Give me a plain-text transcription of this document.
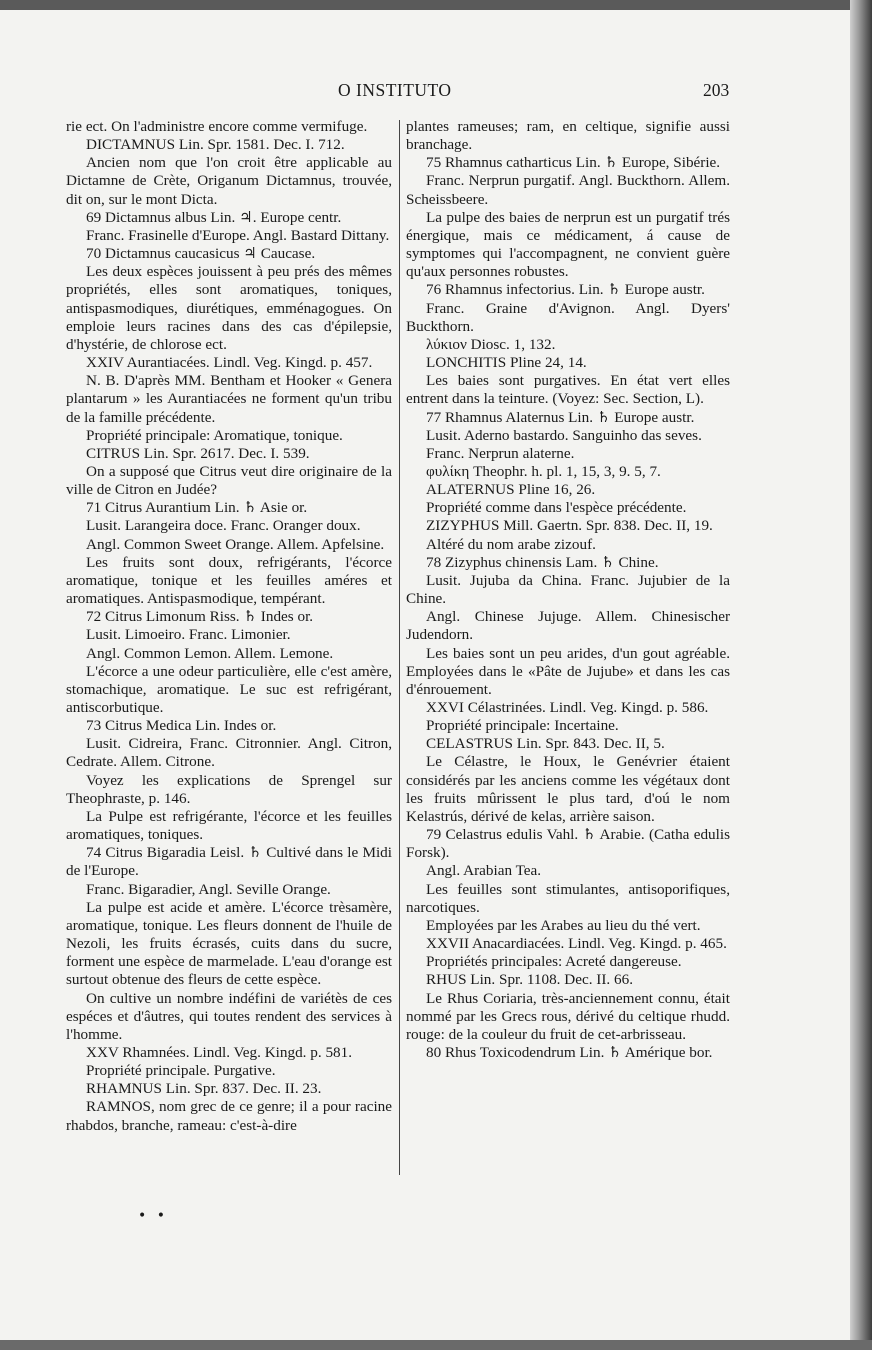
O INSTITUTO	203

rie ect. On l'administre encore comme vermifuge.

DICTAMNUS Lin. Spr. 1581. Dec. I. 712.

Ancien nom que l'on croit être applicable au Dictamne de Crète, Origanum Dictamnus, trouvée, dit on, sur le mont Dicta.

69 Dictamnus albus Lin. ♃. Europe centr.

Franc. Frasinelle d'Europe. Angl. Bastard Dittany.

70 Dictamnus caucasicus ♃ Caucase.

Les deux espèces jouissent à peu prés des mêmes propriétés, elles sont aromatiques, toniques, antispasmodiques, diurétiques, emménagogues. On emploie leurs racines dans des cas d'épilepsie, d'hystérie, de chlorose ect.

XXIV Aurantiacées. Lindl. Veg. Kingd. p. 457.

N. B. D'après MM. Bentham et Hooker « Genera plantarum » les Aurantiacées ne forment qu'un tribu de la famille précédente.

Propriété principale: Aromatique, tonique.

CITRUS Lin. Spr. 2617. Dec. I. 539.

On a supposé que Citrus veut dire originaire de la ville de Citron en Judée?

71 Citrus Aurantium Lin. ♄ Asie or.

Lusit. Larangeira doce. Franc. Oranger doux.

Angl. Common Sweet Orange. Allem. Apfelsine.

Les fruits sont doux, refrigérants, l'écorce aromatique, tonique et les feuilles améres et aromatiques. Antispasmodique, tempérant.

72 Citrus Limonum Riss. ♄ Indes or.

Lusit. Limoeiro. Franc. Limonier.

Angl. Common Lemon. Allem. Lemone.

L'écorce a une odeur particulière, elle c'est amère, stomachique, aromatique. Le suc est refrigérant, antiscorbutique.

73 Citrus Medica Lin. Indes or.

Lusit. Cidreira, Franc. Citronnier. Angl. Citron, Cedrate. Allem. Citrone.

Voyez les explications de Sprengel sur Theophraste, p. 146.

La Pulpe est refrigérante, l'écorce et les feuilles aromatiques, toniques.

74 Citrus Bigaradia Leisl. ♄ Cultivé dans le Midi de l'Europe.

Franc. Bigaradier, Angl. Seville Orange.

La pulpe est acide et amère. L'écorce trèsamère, aromatique, tonique. Les fleurs donnent de l'huile de Nezoli, les fruits écrasés, cuits dans du sucre, forment une espèce de marmelade. L'eau d'orange est surtout obtenue des fleurs de cette espèce.

On cultive un nombre indéfini de variétès de ces espéces et d'âutres, qui toutes rendent des services à l'homme.

XXV Rhamnées. Lindl. Veg. Kingd. p. 581.

Propriété principale. Purgative.

RHAMNUS Lin. Spr. 837. Dec. II. 23.

RAMNOS, nom grec de ce genre; il a pour racine rhabdos, branche, rameau: c'est-à-dire

plantes rameuses; ram, en celtique, signifie aussi branchage.

75 Rhamnus catharticus Lin. ♄ Europe, Sibérie.

Franc. Nerprun purgatif. Angl. Buckthorn. Allem. Scheissbeere.

La pulpe des baies de nerprun est un purgatif trés énergique, mais ce médicament, á cause de symptomes qui l'accompagnent, ne convient guère qu'aux personnes robustes.

76 Rhamnus infectorius. Lin. ♄ Europe austr.

Franc. Graine d'Avignon. Angl. Dyers' Buckthorn.

λύκιον Diosc. 1, 132.

LONCHITIS Pline 24, 14.

Les baies sont purgatives. En état vert elles entrent dans la teinture. (Voyez: Sec. Section, L).

77 Rhamnus Alaternus Lin. ♄ Europe austr.

Lusit. Aderno bastardo. Sanguinho das seves.

Franc. Nerprun alaterne.

φυλίκη Theophr. h. pl. 1, 15, 3, 9. 5, 7.

ALATERNUS Pline 16, 26.

Propriété comme dans l'espèce précédente.

ZIZYPHUS Mill. Gaertn. Spr. 838. Dec. II, 19.

Altéré du nom arabe zizouf.

78 Zizyphus chinensis Lam. ♄ Chine.

Lusit. Jujuba da China. Franc. Jujubier de la Chine.

Angl. Chinese Jujuge. Allem. Chinesischer Judendorn.

Les baies sont un peu arides, d'un gout agréable. Employées dans le «Pâte de Jujube» et dans les cas d'énrouement.

XXVI Célastrinées. Lindl. Veg. Kingd. p. 586.

Propriété principale: Incertaine.

CELASTRUS Lin. Spr. 843. Dec. II, 5.

Le Célastre, le Houx, le Genévrier étaient considérés par les anciens comme les végétaux dont les fruits mûrissent le plus tard, d'oú le nom Kelastrús, dérivé de kelas, arrière saison.

79 Celastrus edulis Vahl. ♄ Arabie. (Catha edulis Forsk).

Angl. Arabian Tea.

Les feuilles sont stimulantes, antisoporifiques, narcotiques.

Employées par les Arabes au lieu du thé vert.

XXVII Anacardiacées. Lindl. Veg. Kingd. p. 465.

Propriétés principales: Acreté dangereuse.

RHUS Lin. Spr. 1108. Dec. II. 66.

Le Rhus Coriaria, très-anciennement connu, était nommé par les Grecs rous, dérivé du celtique rhudd. rouge: de la couleur du fruit de cet-arbrisseau.

80 Rhus Toxicodendrum Lin. ♄ Amérique bor.

• •
